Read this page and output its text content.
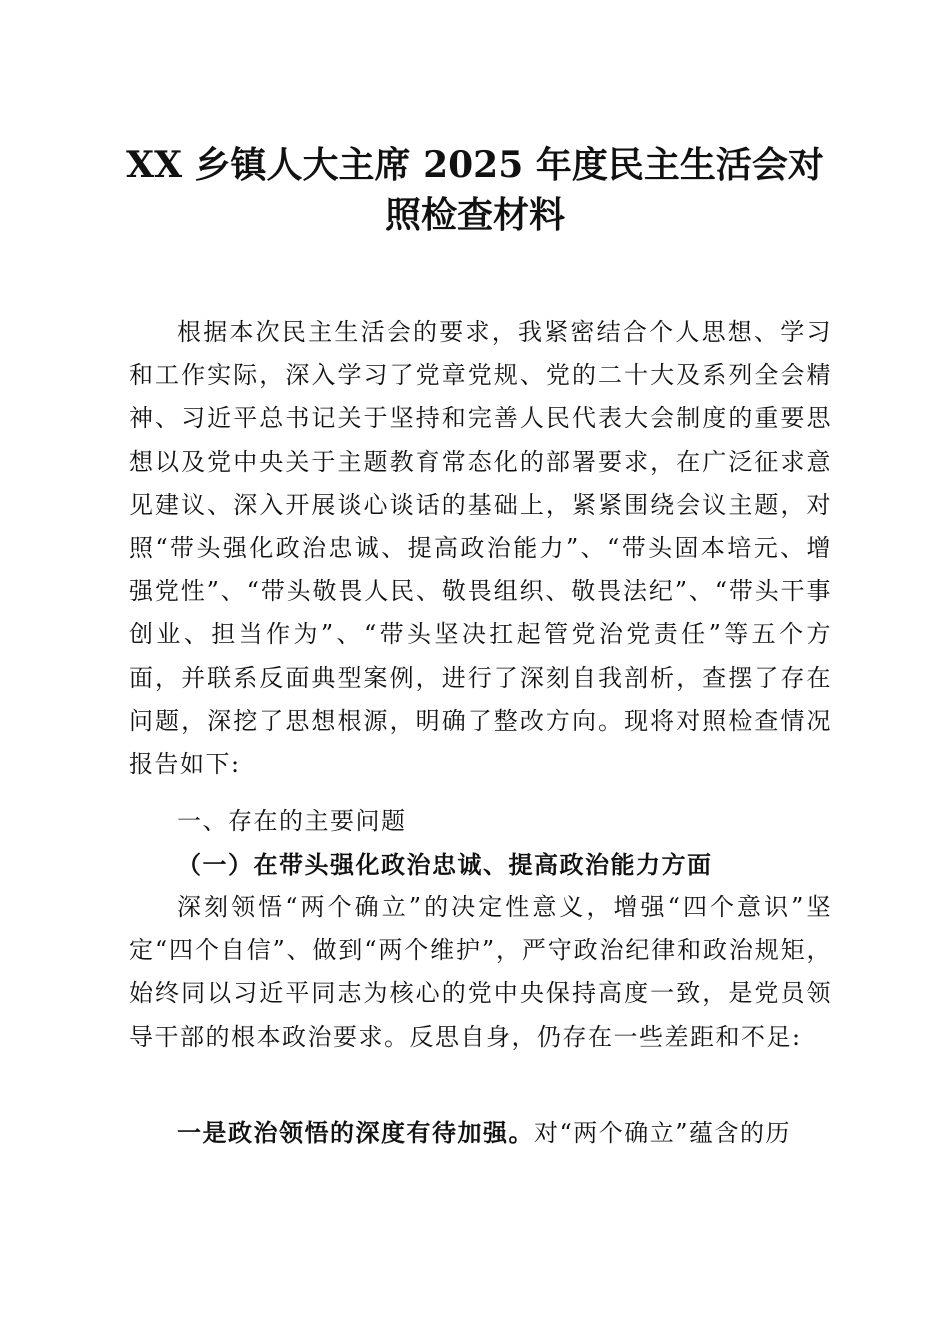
XX 乡镇人大主席 2025 年度民主生活会对照检查材料
根据本次民主生活会的要求，我紧密结合个人思想、学习和工作实际，深入学习了党章党规、党的二十大及系列全会精神、习近平总书记关于坚持和完善人民代表大会制度的重要思想以及党中央关于主题教育常态化的部署要求，在广泛征求意见建议、深入开展谈心谈话的基础上，紧紧围绕会议主题，对照“带头强化政治忠诚、提高政治能力”、“带头固本培元、增强党性”、“带头敬畏人民、敬畏组织、敬畏法纪”、“带头干事创业、担当作为”、“带头坚决扛起管党治党责任”等五个方面，并联系反面典型案例，进行了深刻自我剖析，查摆了存在问题，深挖了思想根源，明确了整改方向。现将对照检查情况报告如下:
一、存在的主要问题
（一）在带头强化政治忠诚、提高政治能力方面
深刻领悟“两个确立”的决定性意义，增强“四个意识”坚定“四个自信”、做到“两个维护”，严守政治纪律和政治规矩，始终同以习近平同志为核心的党中央保持高度一致，是党员领导干部的根本政治要求。反思自身，仍存在一些差距和不足:
一是政治领悟的深度有待加强。对“两个确立”蕴含的历
